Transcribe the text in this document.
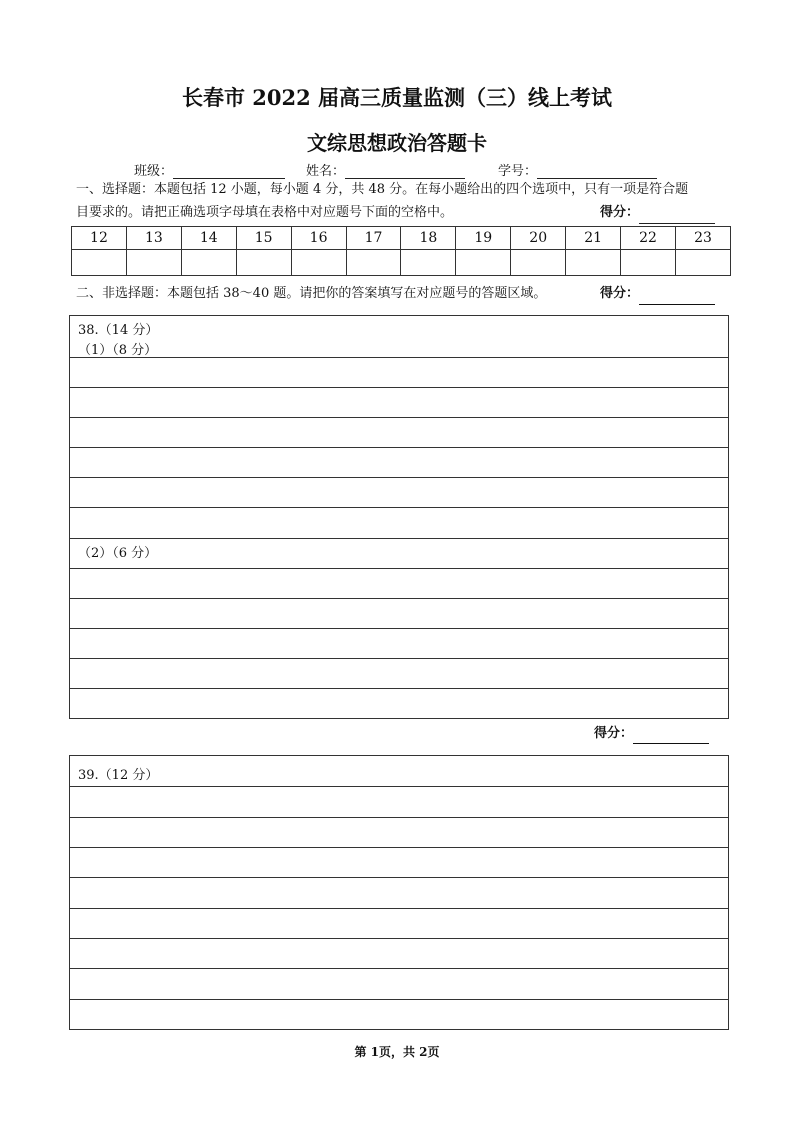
长春市 2022 届高三质量监测（三）线上考试
文综思想政治答题卡
班级：	姓名：	学号：
一、选择题：本题包括 12 小题，每小题 4 分，共 48 分。在每小题给出的四个选项中，只有一项是符合题
目要求的。请把正确选项字母填在表格中对应题号下面的空格中。	得分：
12	13	14	15	16	17	18	19	20	21	22	23

二、非选择题：本题包括 38～40 题。请把你的答案填写在对应题号的答题区域。	得分：
38.（14 分）
（1）（8 分）
（2）（6 分）
得分：
39.（12 分）
第 1页，共 2页
